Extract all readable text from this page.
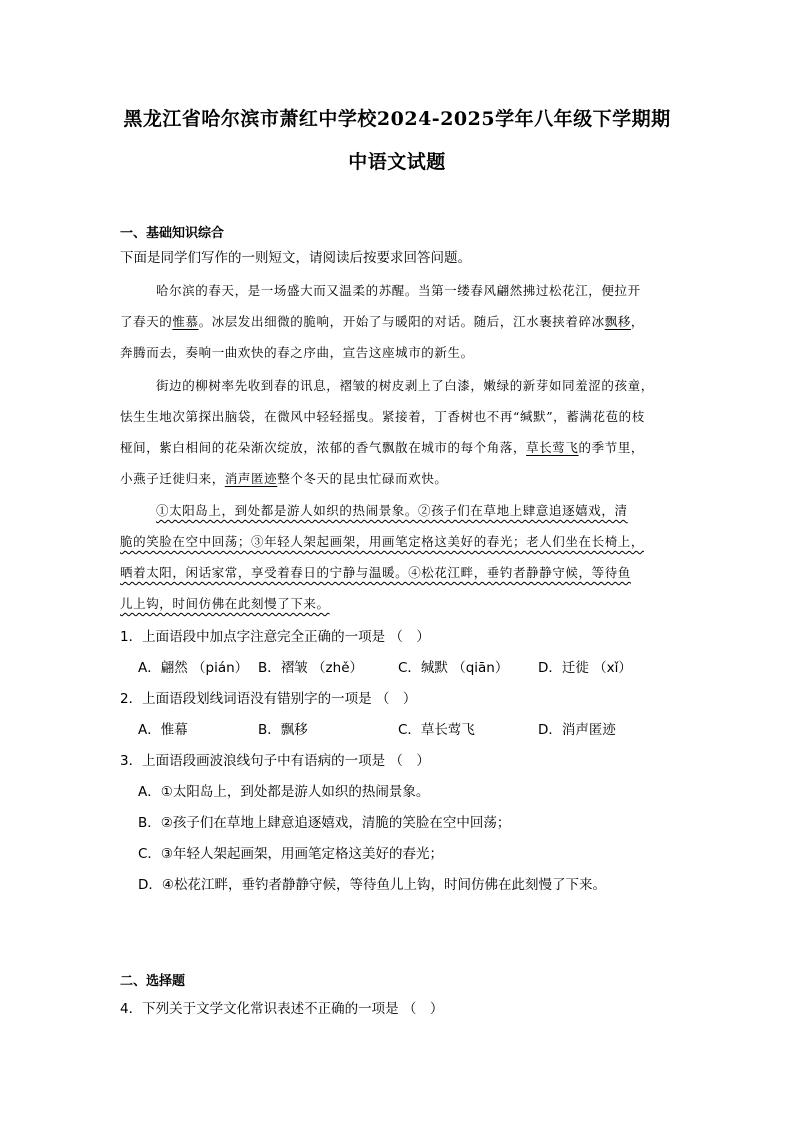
黑龙江省哈尔滨市萧红中学校2024-2025学年八年级下学期期
中语文试题
一、基础知识综合
下面是同学们写作的一则短文，请阅读后按要求回答问题。
哈尔滨的春天，是一场盛大而又温柔的苏醒。当第一缕春风翩然拂过松花江，便拉开
了春天的惟慕。冰层发出细微的脆响，开始了与暖阳的对话。随后，江水裹挟着碎冰飘移，
奔腾而去，奏响一曲欢快的春之序曲，宣告这座城市的新生。
街边的柳树率先收到春的讯息，褶皱的树皮剥上了白漆，嫩绿的新芽如同羞涩的孩童，
怯生生地次第探出脑袋，在微风中轻轻摇曳。紧接着，丁香树也不再“缄默”，蓄满花苞的枝
桠间，紫白相间的花朵渐次绽放，浓郁的香气飘散在城市的每个角落，草长莺飞的季节里，
小燕子迁徙归来，消声匿迹整个冬天的昆虫忙碌而欢快。
①太阳岛上，到处都是游人如织的热闹景象。②孩子们在草地上肆意追逐嬉戏，清
脆的笑脸在空中回荡；③年轻人架起画架，用画笔定格这美好的春光；老人们坐在长椅上，
晒着太阳，闲话家常，享受着春日的宁静与温暖。④松花江畔，垂钓者静静守候，等待鱼
儿上钩，时间仿佛在此刻慢了下来。
1．上面语段中加点字注意完全正确的一项是 （　）
A．翩然 （pián） B．褶皱 （zhě）	C．缄默 （qiān） D．迁徙 （xǐ）
2．上面语段划线词语没有错别字的一项是 （　）
A．惟幕	B．飘移	C．草长莺飞	D．消声匿迹
3．上面语段画波浪线句子中有语病的一项是 （　）
A．①太阳岛上，到处都是游人如织的热闹景象。
B．②孩子们在草地上肆意追逐嬉戏，清脆的笑脸在空中回荡；
C．③年轻人架起画架，用画笔定格这美好的春光；
D．④松花江畔，垂钓者静静守候，等待鱼儿上钩，时间仿佛在此刻慢了下来。
二、选择题
4．下列关于文学文化常识表述不正确的一项是 （　）
